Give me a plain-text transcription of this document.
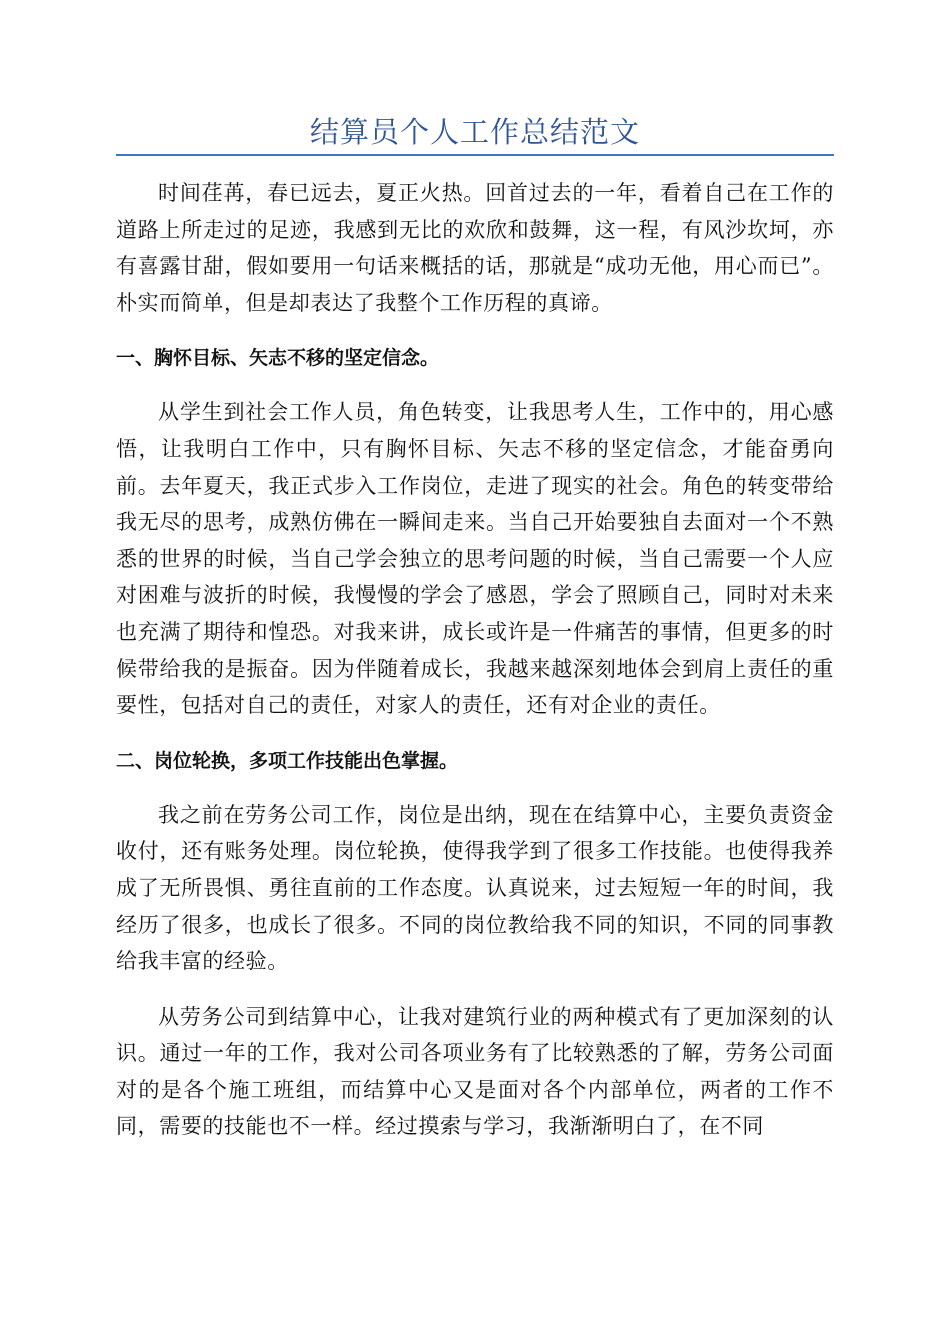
结算员个人工作总结范文

时间荏苒，春已远去，夏正火热。回首过去的一年，看着自己在工作的道路上所走过的足迹，我感到无比的欢欣和鼓舞，这一程，有风沙坎坷，亦有喜露甘甜，假如要用一句话来概括的话，那就是“成功无他，用心而已”。朴实而简单，但是却表达了我整个工作历程的真谛。

一、胸怀目标、矢志不移的坚定信念。

从学生到社会工作人员，角色转变，让我思考人生，工作中的，用心感悟，让我明白工作中，只有胸怀目标、矢志不移的坚定信念，才能奋勇向前。去年夏天，我正式步入工作岗位，走进了现实的社会。角色的转变带给我无尽的思考，成熟仿佛在一瞬间走来。当自己开始要独自去面对一个不熟悉的世界的时候，当自己学会独立的思考问题的时候，当自己需要一个人应对困难与波折的时候，我慢慢的学会了感恩，学会了照顾自己，同时对未来也充满了期待和惶恐。对我来讲，成长或许是一件痛苦的事情，但更多的时候带给我的是振奋。因为伴随着成长，我越来越深刻地体会到肩上责任的重要性，包括对自己的责任，对家人的责任，还有对企业的责任。

二、岗位轮换，多项工作技能出色掌握。

我之前在劳务公司工作，岗位是出纳，现在在结算中心，主要负责资金收付，还有账务处理。岗位轮换，使得我学到了很多工作技能。也使得我养成了无所畏惧、勇往直前的工作态度。认真说来，过去短短一年的时间，我经历了很多，也成长了很多。不同的岗位教给我不同的知识，不同的同事教给我丰富的经验。

从劳务公司到结算中心，让我对建筑行业的两种模式有了更加深刻的认识。通过一年的工作，我对公司各项业务有了比较熟悉的了解，劳务公司面对的是各个施工班组，而结算中心又是面对各个内部单位，两者的工作不同，需要的技能也不一样。经过摸索与学习，我渐渐明白了，在不同
